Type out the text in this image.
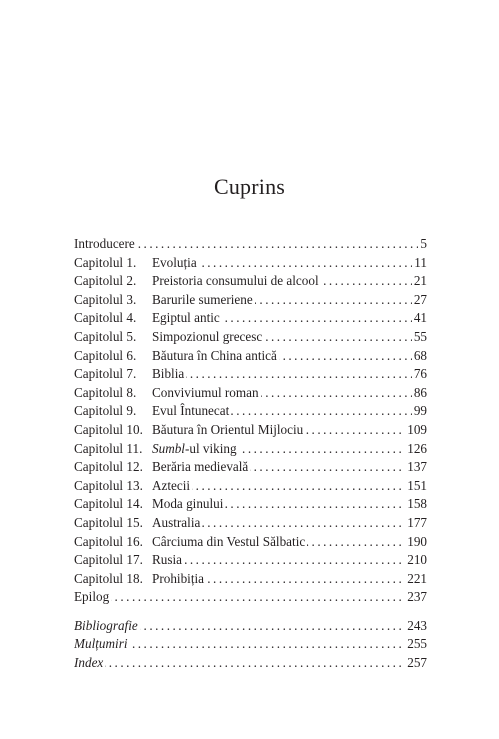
Cuprins
. . .
Introducere	5
. . .
Capitolul 1. Evoluția	11
. . .
Capitolul 2. Preistoria consumului de alcool	21
. . .
Capitolul 3. Barurile sumeriene	27
. . .
Capitolul 4. Egiptul antic	41
. . .
Capitolul 5. Simpozionul grecesc	55
. . .
Capitolul 6. Băutura în China antică	68
. . .
Capitolul 7. Biblia	76
. . .
Capitolul 8. Conviviumul roman	86
. . .
Capitolul 9. Evul Întunecat	99
. . .
Capitolul 10. Băutura în Orientul Mijlociu	109
. . .
Capitolul 11. Sumbl-ul viking	126
. . .
Capitolul 12. Berăria medievală	137
. . .
Capitolul 13. Aztecii	151
. . .
Capitolul 14. Moda ginului	158
. . .
Capitolul 15. Australia	177
. . .
Capitolul 16. Cârciuma din Vestul Sălbatic	190
. . .
Capitolul 17. Rusia	210
. . .
Capitolul 18. Prohibiția	221
. . .
Epilog	237
. . .
Bibliografie	243
. . .
Mulțumiri	255
. . .
Index	257
